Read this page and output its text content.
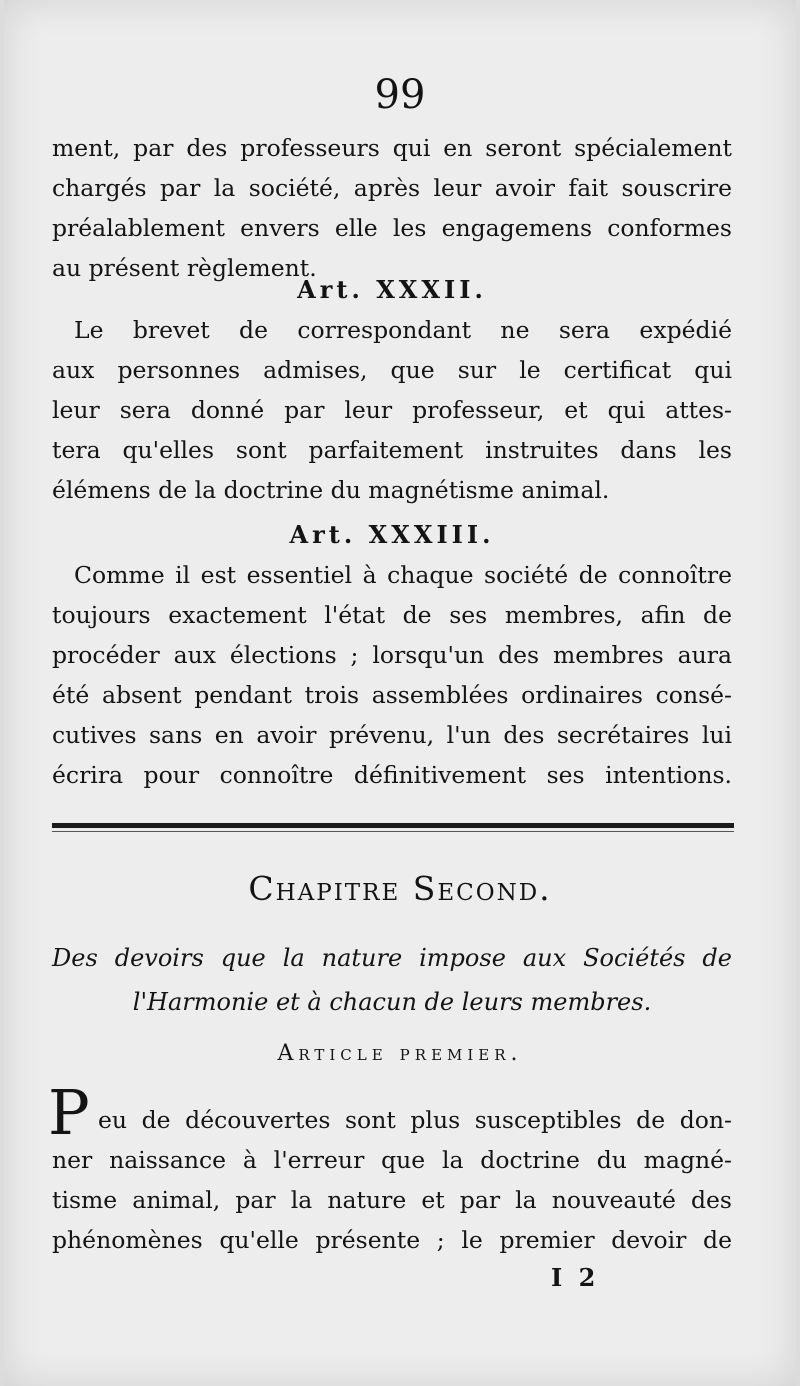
99
ment, par des professeurs qui en seront spécialement
chargés par la société, après leur avoir fait souscrire
préalablement envers elle les engagemens conformes
au présent règlement.
Art. XXXII.
Le brevet de correspondant ne sera expédié
aux personnes admises, que sur le certificat qui
leur sera donné par leur professeur, et qui attes-
tera qu'elles sont parfaitement instruites dans les
élémens de la doctrine du magnétisme animal.
Art. XXXIII.
Comme il est essentiel à chaque société de connoître
toujours exactement l'état de ses membres, afin de
procéder aux élections ; lorsqu'un des membres aura
été absent pendant trois assemblées ordinaires consé-
cutives sans en avoir prévenu, l'un des secrétaires lui
écrira pour connoître définitivement ses intentions.
Chapitre Second.
Des devoirs que la nature impose aux Sociétés de
l'Harmonie et à chacun de leurs membres.
Article premier.
P eu de découvertes sont plus susceptibles de don-
ner naissance à l'erreur que la doctrine du magné-
tisme animal, par la nature et par la nouveauté des
phénomènes qu'elle présente ; le premier devoir de
I 2
